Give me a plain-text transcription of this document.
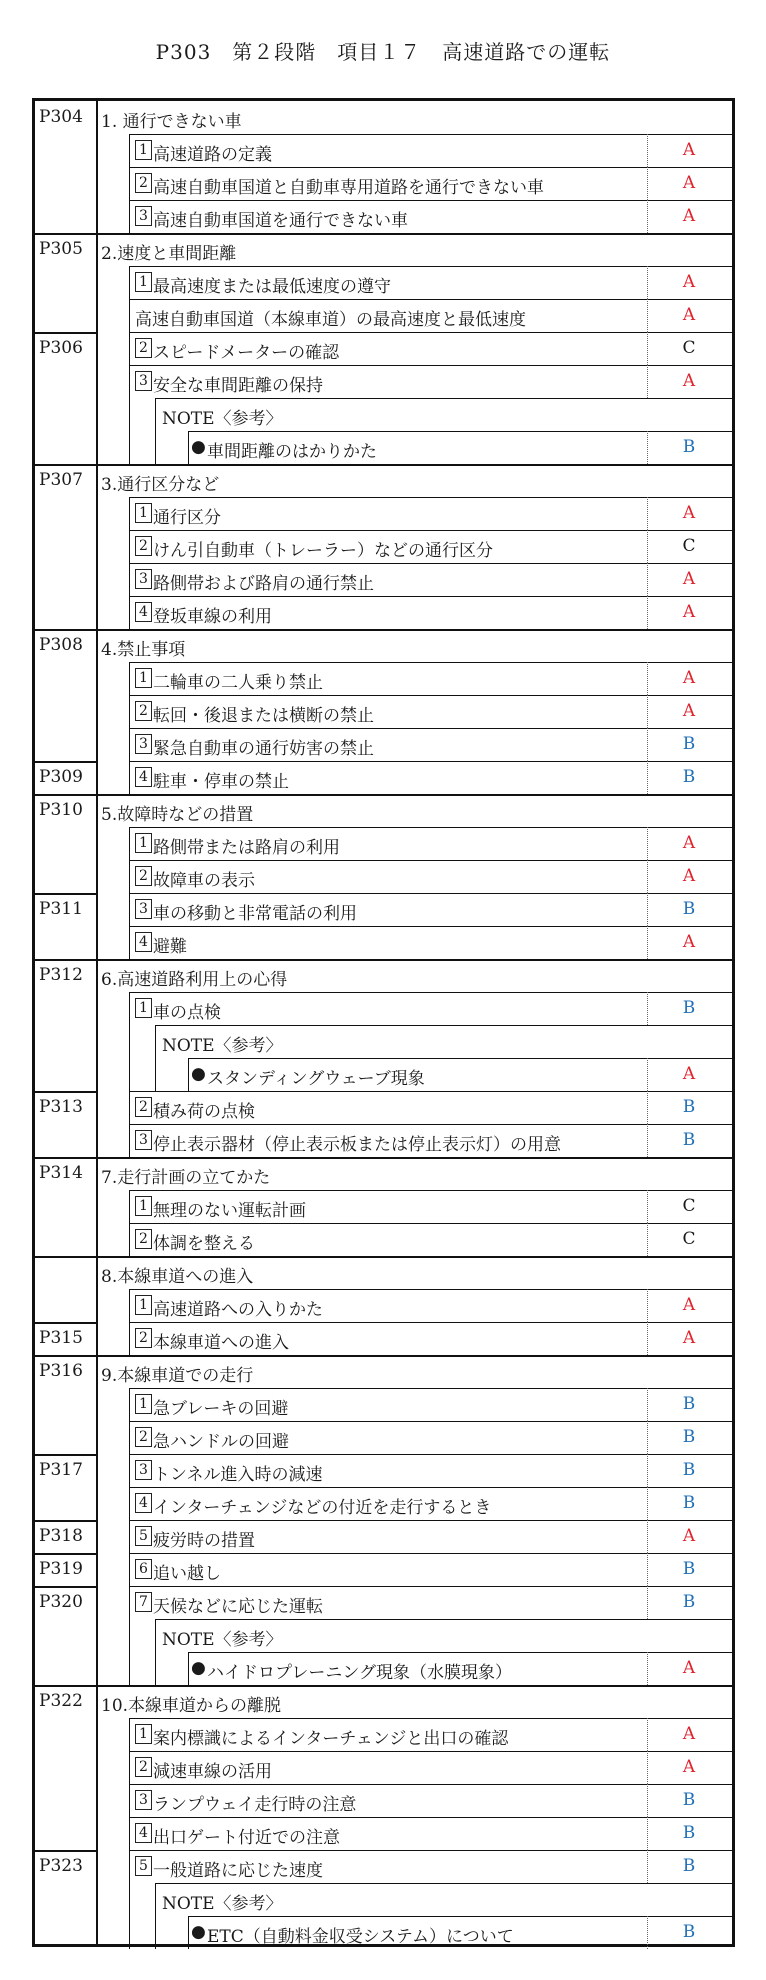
P303　第２段階　項目１７　高速道路での運転
P304 1. 通行できない車
1 高速道路の定義	A
2 高速自動車国道と自動車専用道路を通行できない車	A
3 高速自動車国道を通行できない車	A
P305 2.速度と車間距離
1 最高速度または最低速度の遵守	A
高速自動車国道（本線車道）の最高速度と最低速度	A
P306	2 スピードメーターの確認	C
3 安全な車間距離の保持	A
NOTE〈参考〉
● 車間距離のはかりかた	B
P307 3.通行区分など
1 通行区分	A
2 けん引自動車（トレーラー）などの通行区分	C
3 路側帯および路肩の通行禁止	A
4 登坂車線の利用	A
P308 4.禁止事項
1 二輪車の二人乗り禁止	A
2 転回・後退または横断の禁止	A
3 緊急自動車の通行妨害の禁止	B
P309	4 駐車・停車の禁止	B
P310 5.故障時などの措置
1 路側帯または路肩の利用	A
2 故障車の表示	A
P311	3 車の移動と非常電話の利用	B
4 避難	A
P312 6.高速道路利用上の心得
1 車の点検	B
NOTE〈参考〉
● スタンディングウェーブ現象	A
P313	2 積み荷の点検	B
3 停止表示器材（停止表示板または停止表示灯）の用意	B
P314 7.走行計画の立てかた
1 無理のない運転計画	C
2 体調を整える	C
8.本線車道への進入
1 高速道路への入りかた	A
P315	2 本線車道への進入	A
P316 9.本線車道での走行
1 急ブレーキの回避	B
2 急ハンドルの回避	B
P317	3 トンネル進入時の減速	B
4 インターチェンジなどの付近を走行するとき	B
P318	5 疲労時の措置	A
P319	6 追い越し	B
P320	7 天候などに応じた運転	B
NOTE〈参考〉
● ハイドロプレーニング現象（水膜現象）	A
P322 10.本線車道からの離脱
1 案内標識によるインターチェンジと出口の確認	A
2 減速車線の活用	A
3 ランプウェイ走行時の注意	B
4 出口ゲート付近での注意	B
P323	5 一般道路に応じた速度	B
NOTE〈参考〉
● ETC（自動料金収受システム）について	B
